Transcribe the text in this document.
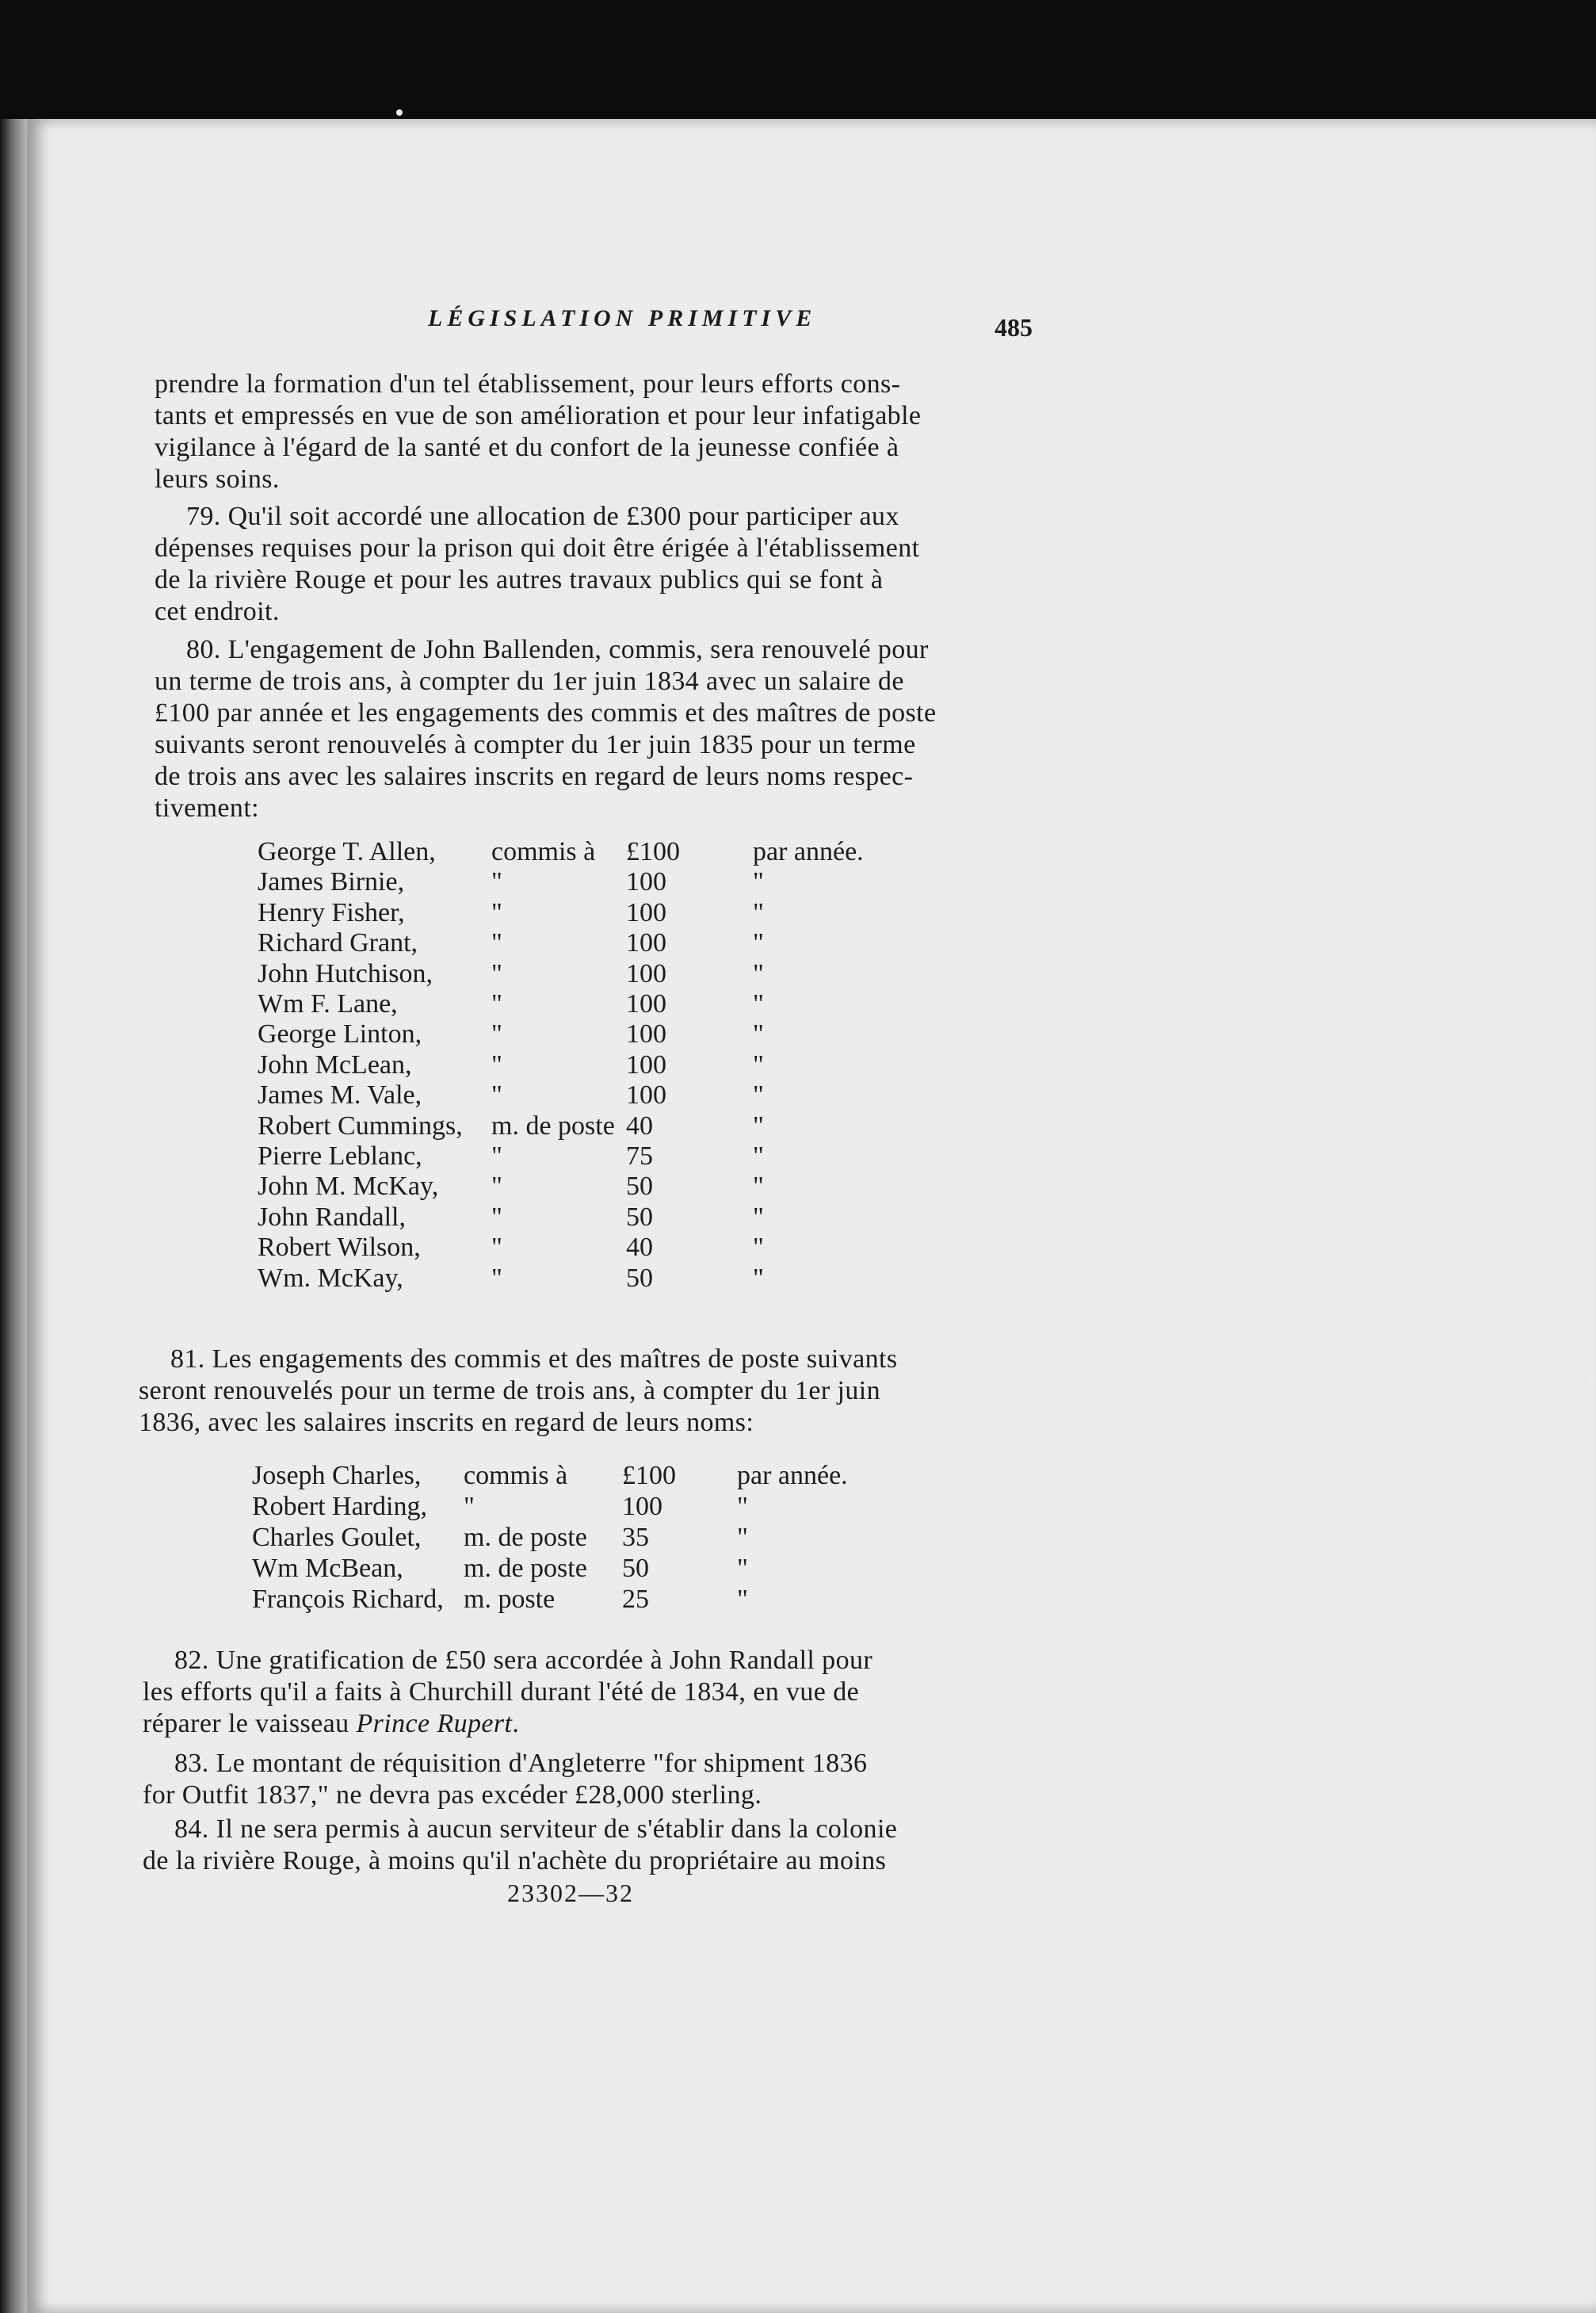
LÉGISLATION PRIMITIVE	485
prendre la formation d'un tel établissement, pour leurs efforts cons-
tants et empressés en vue de son amélioration et pour leur infatigable
vigilance à l'égard de la santé et du confort de la jeunesse confiée à
leurs soins.
79. Qu'il soit accordé une allocation de £300 pour participer aux
dépenses requises pour la prison qui doit être érigée à l'établissement
de la rivière Rouge et pour les autres travaux publics qui se font à
cet endroit.
80. L'engagement de John Ballenden, commis, sera renouvelé pour
un terme de trois ans, à compter du 1er juin 1834 avec un salaire de
£100 par année et les engagements des commis et des maîtres de poste
suivants seront renouvelés à compter du 1er juin 1835 pour un terme
de trois ans avec les salaires inscrits en regard de leurs noms respec-
tivement:
George T. Allen, commis à £100	par année.
James Birnie,	"	100	"
Henry Fisher,	"	100	"
Richard Grant,	"	100	"
John Hutchison, "	100	"
Wm F. Lane,	"	100	"
George Linton,	"	100	"
John McLean,	"	100	"
James M. Vale,	"	100	"
Robert Cummings, m. de poste 40	"
Pierre Leblanc,	"	75	"
John M. McKay, "	50	"
John Randall,	"	50	"
Robert Wilson,	"	40	"
Wm. McKay,	"	50	"
81. Les engagements des commis et des maîtres de poste suivants
seront renouvelés pour un terme de trois ans, à compter du 1er juin
1836, avec les salaires inscrits en regard de leurs noms:
Joseph Charles, commis à £100 par année.
Robert Harding, "	100	"
Charles Goulet, m. de poste 35	"
Wm McBean, m. de poste 50	"
François Richard, m. poste 25	"
82. Une gratification de £50 sera accordée à John Randall pour
les efforts qu'il a faits à Churchill durant l'été de 1834, en vue de
réparer le vaisseau Prince Rupert.
83. Le montant de réquisition d'Angleterre "for shipment 1836
for Outfit 1837," ne devra pas excéder £28,000 sterling.
84. Il ne sera permis à aucun serviteur de s'établir dans la colonie
de la rivière Rouge, à moins qu'il n'achète du propriétaire au moins
23302—32
